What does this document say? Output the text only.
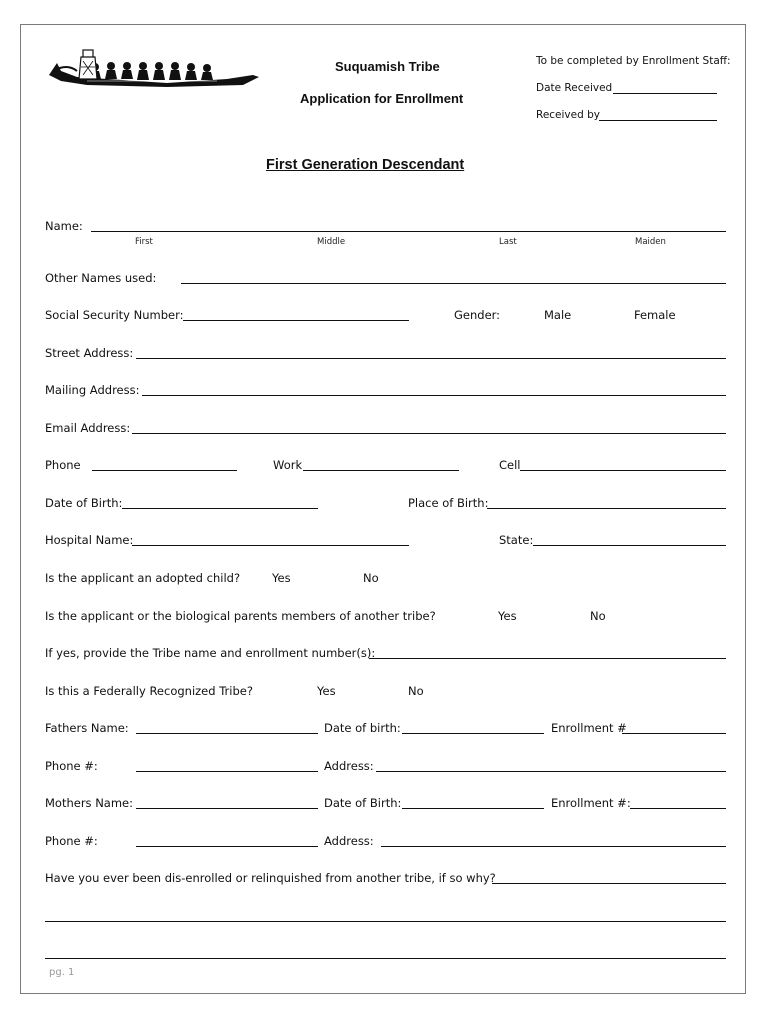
Suquamish Tribe
Application for Enrollment
To be completed by Enrollment Staff:
Date Received
Received by
First Generation Descendant
Name:
First	Middle	Last	Maiden
Other Names used:
Social Security Number:	Gender:	Male	Female
Street Address:
Mailing Address:
Email Address:
Phone	Work	Cell
Date of Birth:	Place of Birth:
Hospital Name:	State:
Is the applicant an adopted child?	Yes	No
Is the applicant or the biological parents members of another tribe?	Yes	No
If yes, provide the Tribe name and enrollment number(s):
Is this a Federally Recognized Tribe?	Yes	No
Fathers Name:	Date of birth:	Enrollment #
Phone #:	Address:
Mothers Name:	Date of Birth:	Enrollment #:
Phone #:	Address:
Have you ever been dis-enrolled or relinquished from another tribe, if so why?
pg. 1
